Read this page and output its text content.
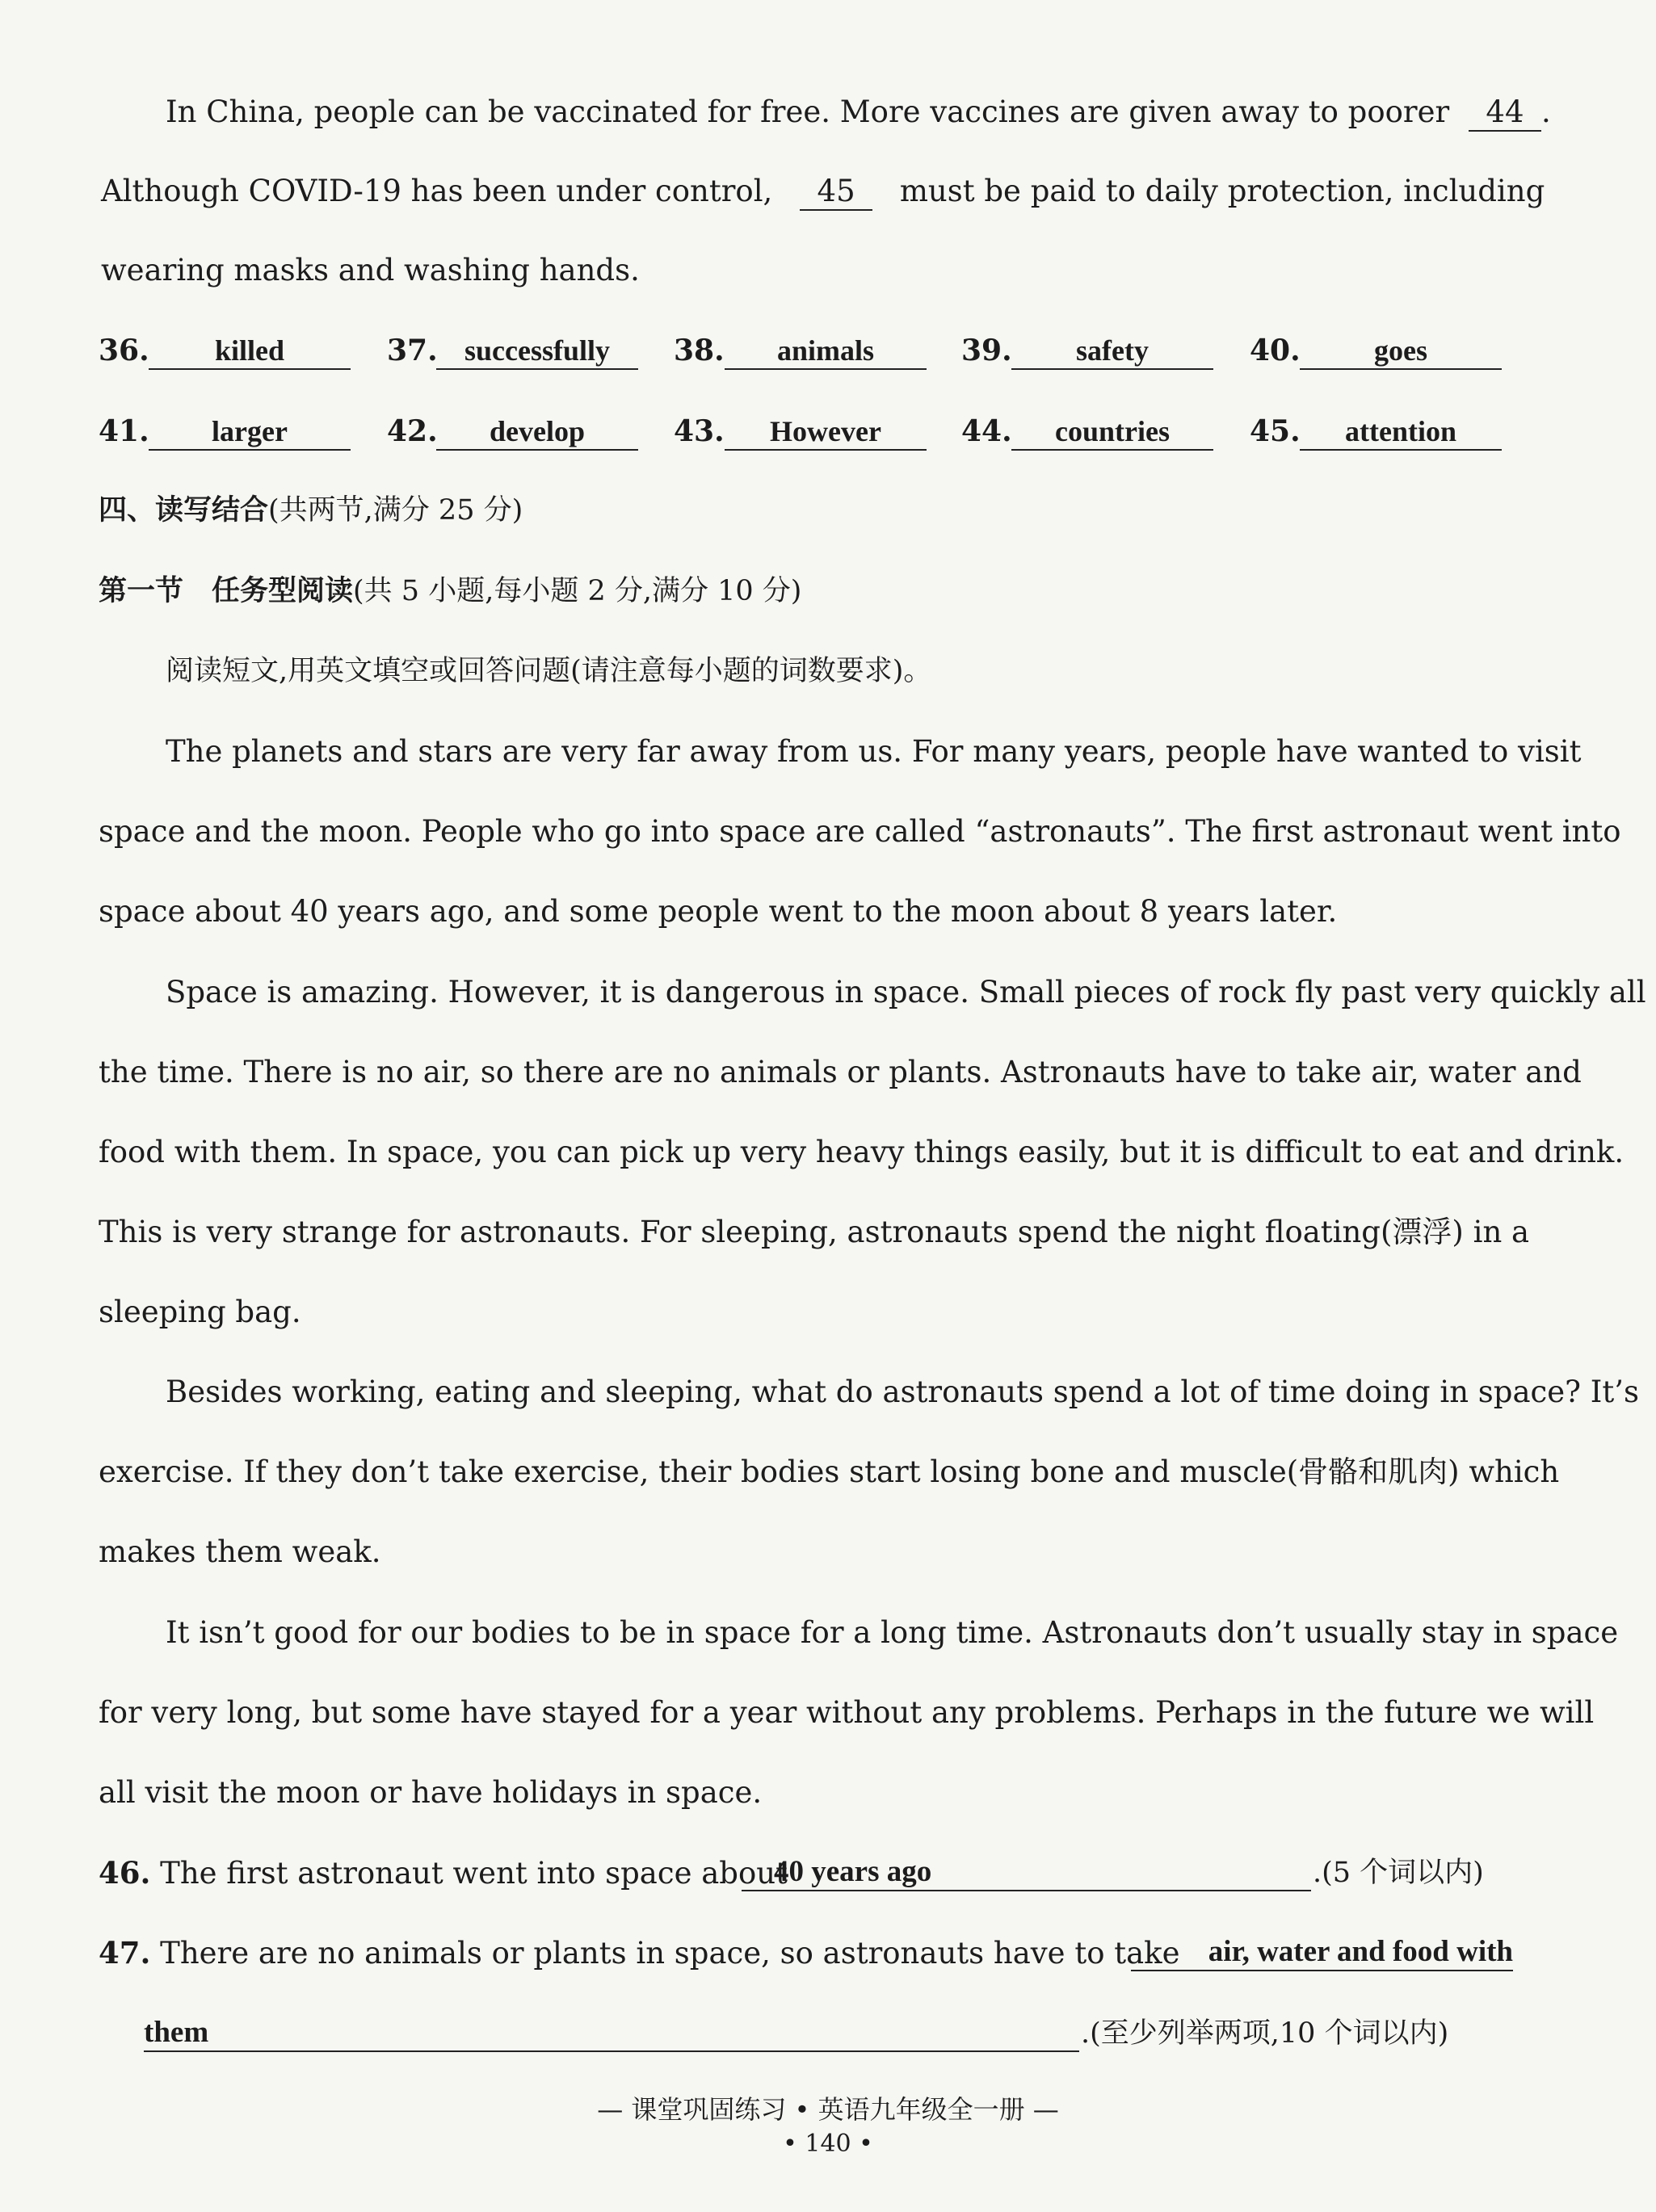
In China, people can be vaccinated for free. More vaccines are given away to poorer 44 .
Although COVID-19 has been under control, 45 must be paid to daily protection, including
wearing masks and washing hands.
36.	killed	37. successfully	38.	animals	39.	safety	40.	goes
41.	larger	42.	develop	43.	However	44.	countries	45.	attention
四、读写结合(共两节,满分 25 分)
第一节　任务型阅读(共 5 小题,每小题 2 分,满分 10 分)
阅读短文,用英文填空或回答问题(请注意每小题的词数要求)。
The planets and stars are very far away from us. For many years, people have wanted to visit
space and the moon. People who go into space are called “astronauts”. The first astronaut went into
space about 40 years ago, and some people went to the moon about 8 years later.
Space is amazing. However, it is dangerous in space. Small pieces of rock fly past very quickly all
the time. There is no air, so there are no animals or plants. Astronauts have to take air, water and
food with them. In space, you can pick up very heavy things easily, but it is difficult to eat and drink.
This is very strange for astronauts. For sleeping, astronauts spend the night floating(漂浮) in a
sleeping bag.
Besides working, eating and sleeping, what do astronauts spend a lot of time doing in space? It’s
exercise. If they don’t take exercise, their bodies start losing bone and muscle(骨骼和肌肉) which
makes them weak.
It isn’t good for our bodies to be in space for a long time. Astronauts don’t usually stay in space
for very long, but some have stayed for a year without any problems. Perhaps in the future we will
all visit the moon or have holidays in space.
46. The first astronaut went into space about
40 years ago	.(5 个词以内)
47. There are no animals or plants in space, so astronauts have to take air, water and food with
them	.(至少列举两项,10 个词以内)
— 课堂巩固练习 • 英语九年级全一册 —
• 140 •
